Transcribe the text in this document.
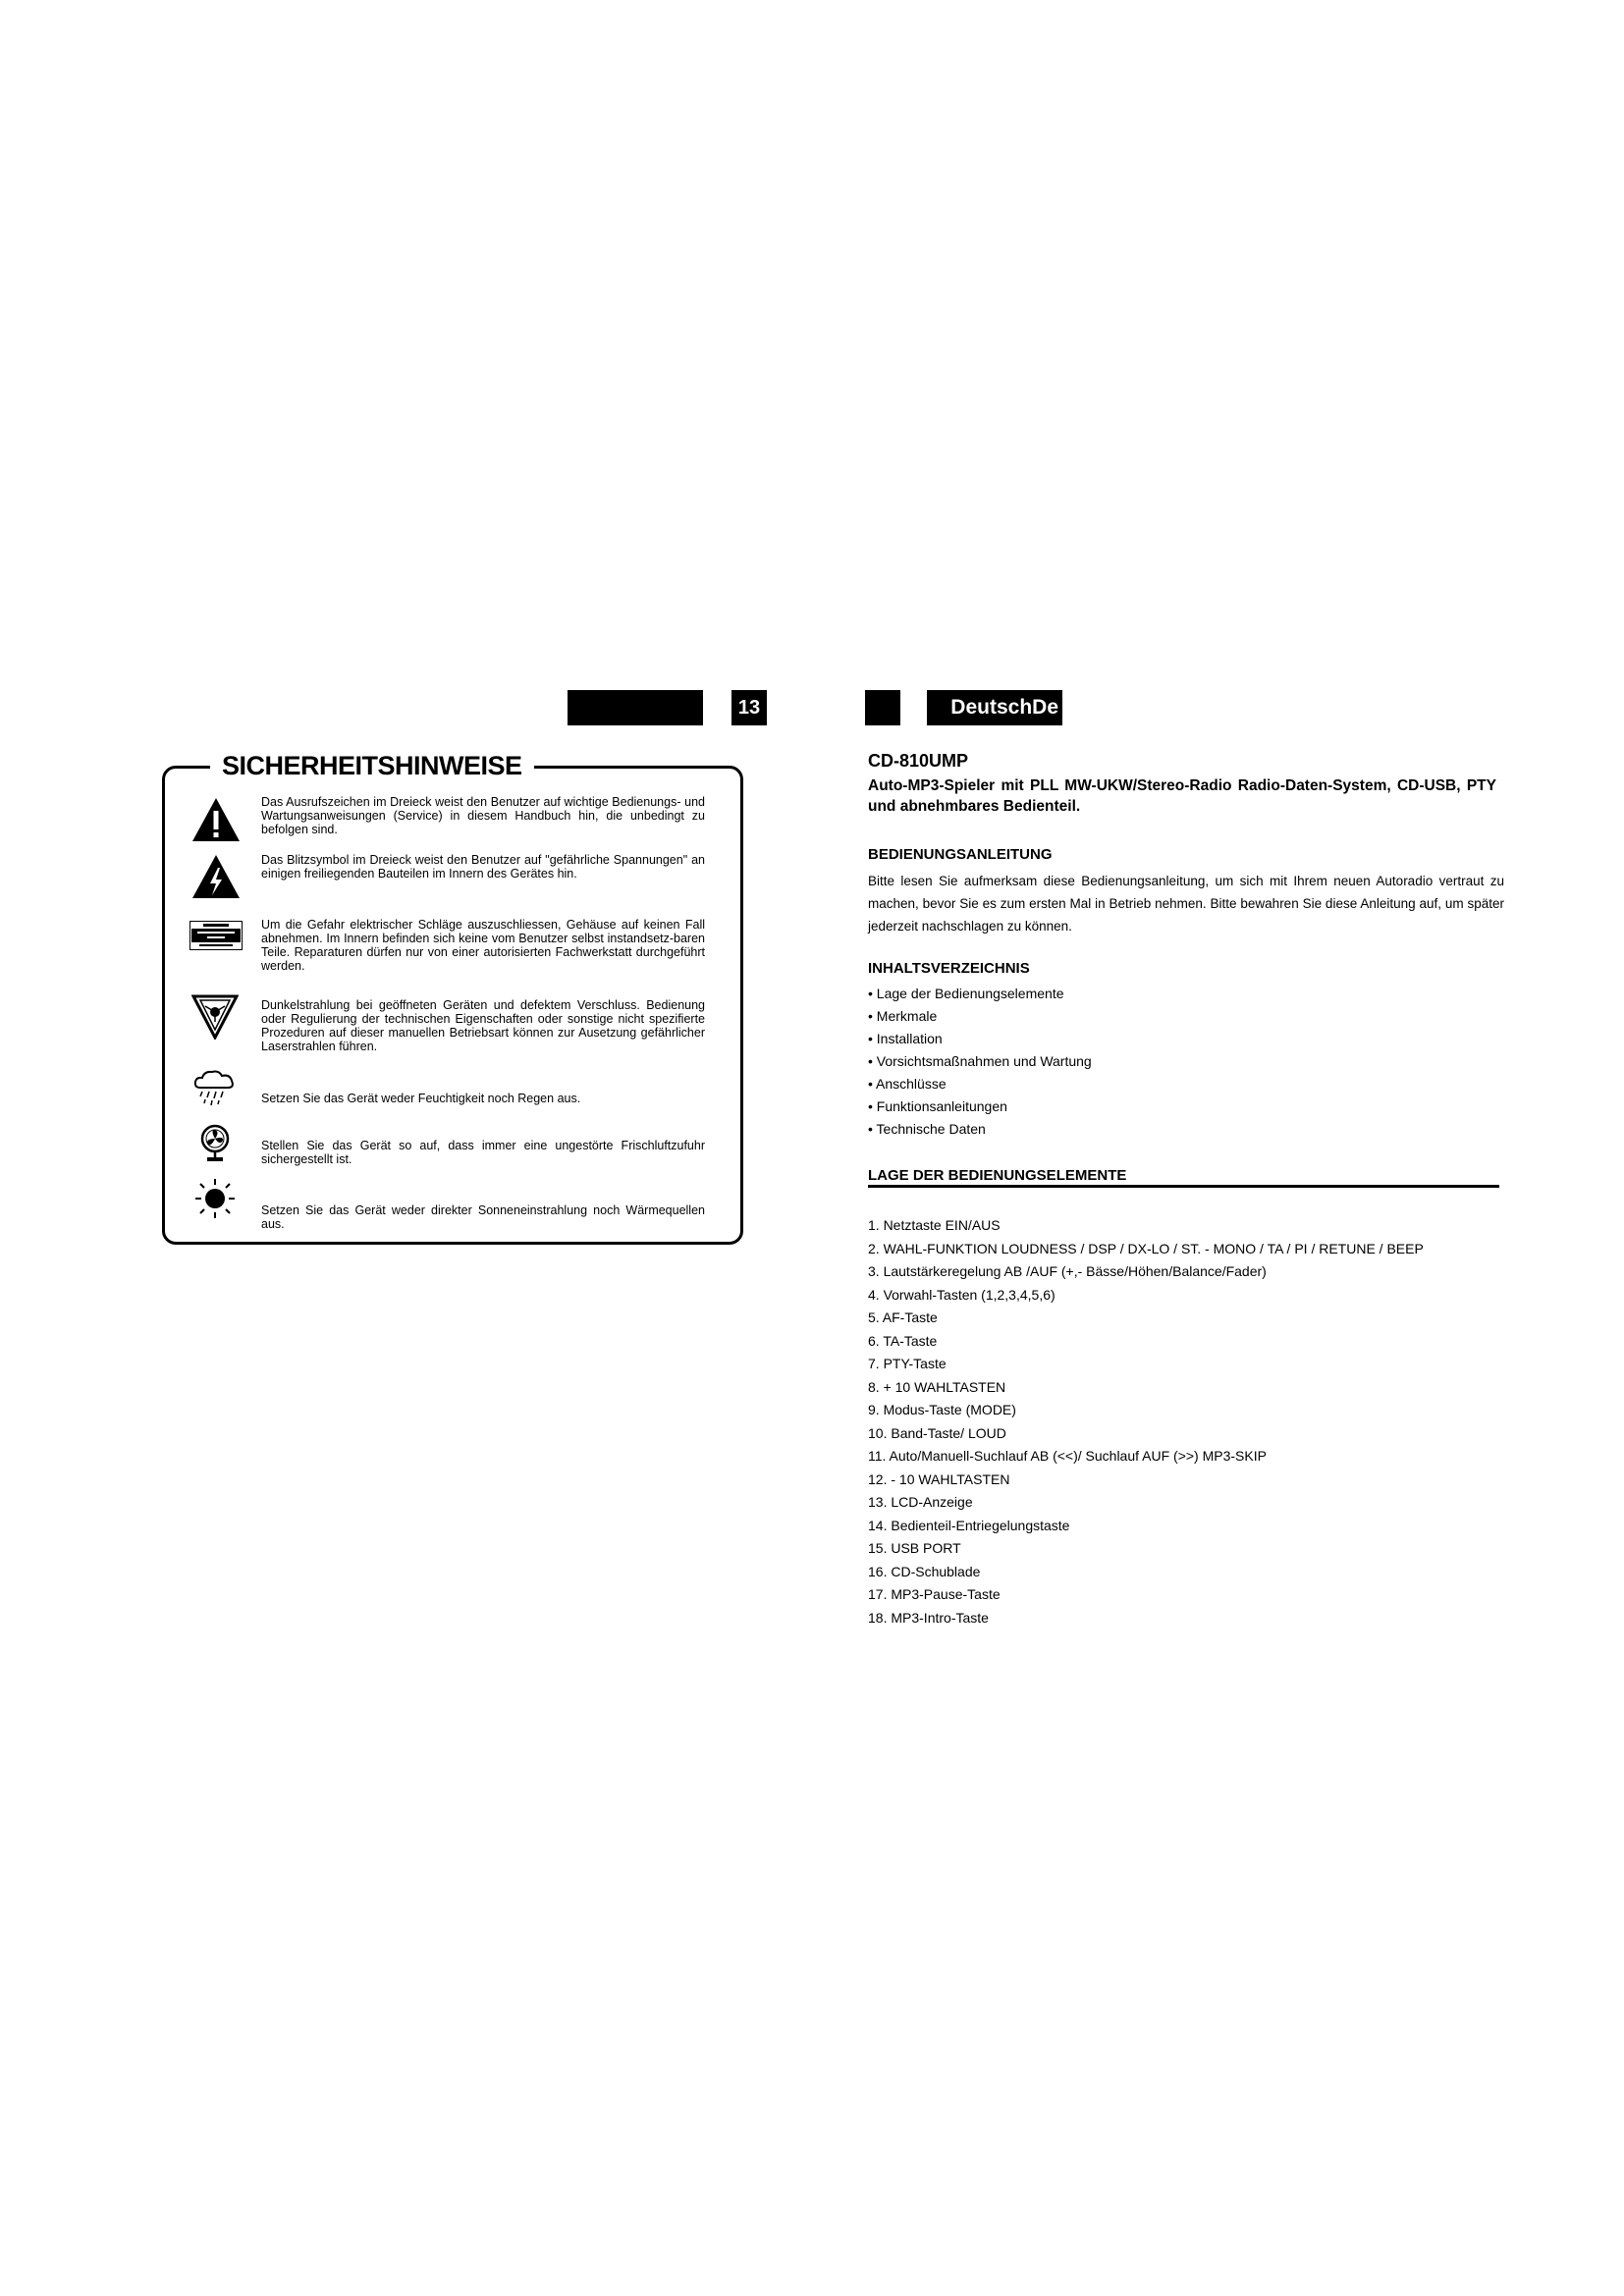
13	DeutschDe
SICHERHEITSHINWEISE
Das Ausrufszeichen im Dreieck weist den Benutzer auf wichtige Bedienungs- und Wartungsanweisungen (Service) in diesem Handbuch hin, die unbedingt zu befolgen sind.
Das Blitzsymbol im Dreieck weist den Benutzer auf "gefährliche Spannungen" an einigen freiliegenden Bauteilen im Innern des Gerätes hin.
Um die Gefahr elektrischer Schläge auszuschliessen, Gehäuse auf keinen Fall abnehmen. Im Innern befinden sich keine vom Benutzer selbst instandsetz-baren Teile. Reparaturen dürfen nur von einer autorisierten Fachwerkstatt durchgeführt werden.
Dunkelstrahlung bei geöffneten Geräten und defektem Verschluss. Bedienung oder Regulierung der technischen Eigenschaften oder sonstige nicht spezifierte Prozeduren auf dieser manuellen Betriebsart können zur Ausetzung gefährlicher Laserstrahlen führen.
Setzen Sie das Gerät weder Feuchtigkeit noch Regen aus.
Stellen Sie das Gerät so auf, dass immer eine ungestörte Frischluftzufuhr sichergestellt ist.
Setzen Sie das Gerät weder direkter Sonneneinstrahlung noch Wärmequellen aus.
CD-810UMP
Auto-MP3-Spieler mit PLL MW-UKW/Stereo-Radio Radio-Daten-System, CD-USB, PTY und abnehmbares Bedienteil.
BEDIENUNGSANLEITUNG
Bitte lesen Sie aufmerksam diese Bedienungsanleitung, um sich mit Ihrem neuen Autoradio vertraut zu machen, bevor Sie es zum ersten Mal in Betrieb nehmen. Bitte bewahren Sie diese Anleitung auf, um später jederzeit nachschlagen zu können.
INHALTSVERZEICHNIS
• Lage der Bedienungselemente
• Merkmale
• Installation
• Vorsichtsmaßnahmen und Wartung
• Anschlüsse
• Funktionsanleitungen
• Technische Daten
LAGE DER BEDIENUNGSELEMENTE
1. Netztaste EIN/AUS
2. WAHL-FUNKTION LOUDNESS / DSP / DX-LO / ST. - MONO / TA / PI / RETUNE / BEEP
3. Lautstärkeregelung AB /AUF (+,- Bässe/Höhen/Balance/Fader)
4. Vorwahl-Tasten (1,2,3,4,5,6)
5. AF-Taste
6. TA-Taste
7. PTY-Taste
8. + 10 WAHLTASTEN
9. Modus-Taste (MODE)
10. Band-Taste/ LOUD
11. Auto/Manuell-Suchlauf AB (<<)/ Suchlauf AUF (>>) MP3-SKIP
12. - 10 WAHLTASTEN
13. LCD-Anzeige
14. Bedienteil-Entriegelungstaste
15. USB PORT
16. CD-Schublade
17. MP3-Pause-Taste
18. MP3-Intro-Taste
